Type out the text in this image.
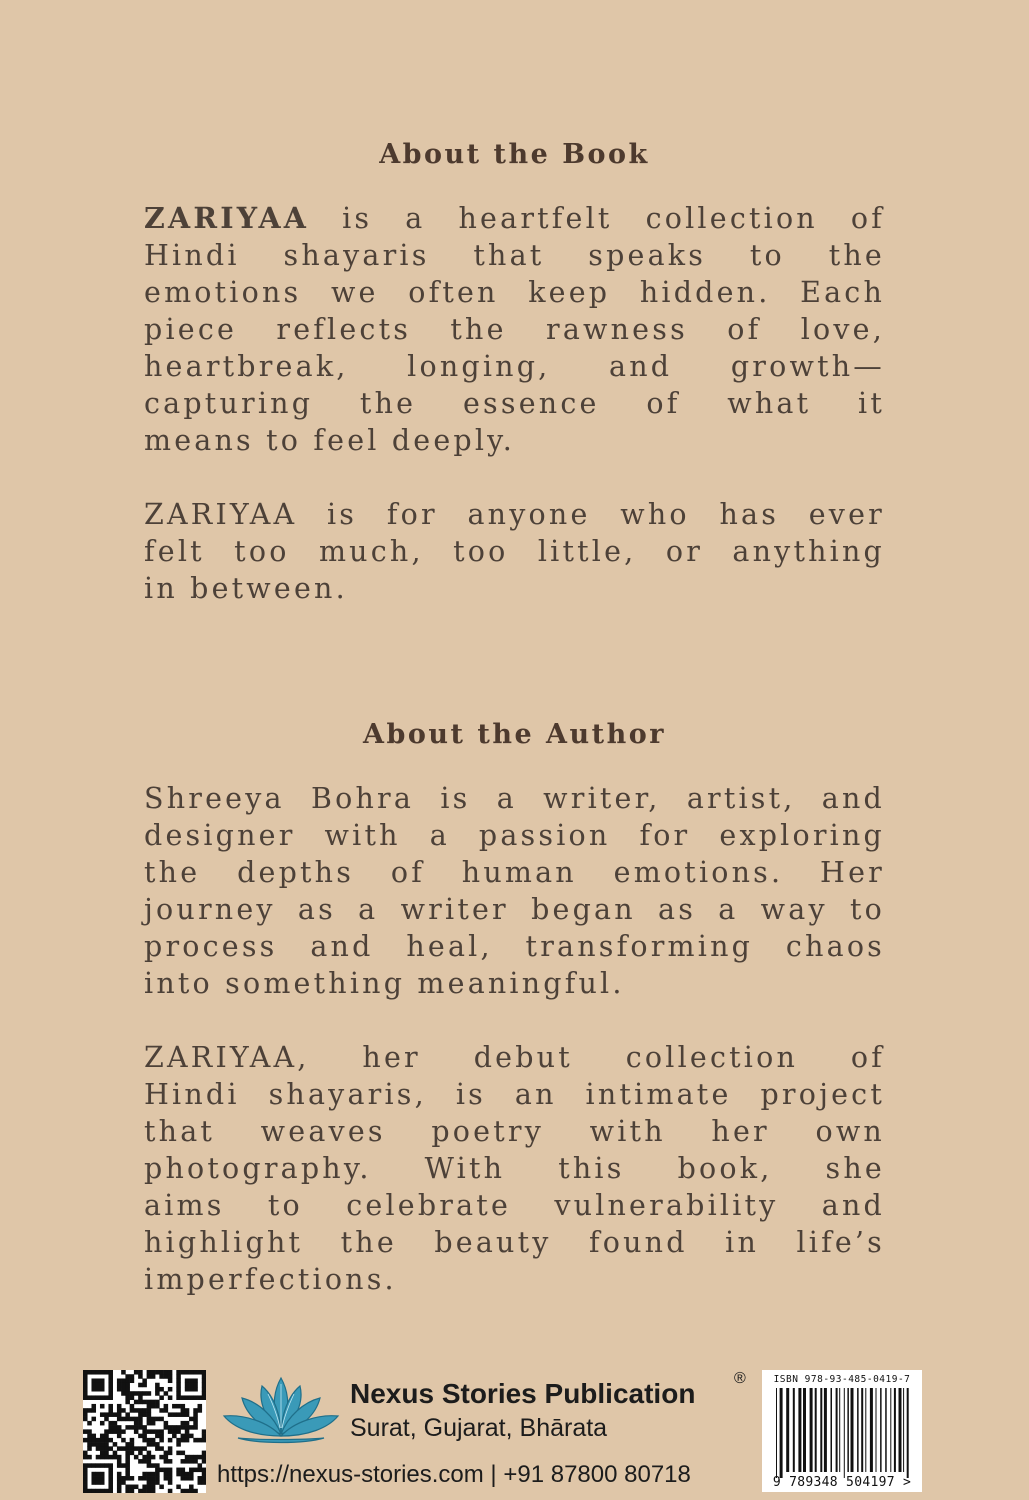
About the Book

ZARIYAA is a heartfelt collection of
Hindi shayaris that speaks to the
emotions we often keep hidden. Each
piece reflects the rawness of love,
heartbreak, longing, and growth—
capturing the essence of what it
means to feel deeply.

ZARIYAA is for anyone who has ever
felt too much, too little, or anything
in between.

About the Author

Shreeya Bohra is a writer, artist, and
designer with a passion for exploring
the depths of human emotions. Her
journey as a writer began as a way to
process and heal, transforming chaos
into something meaningful.

ZARIYAA, her debut collection of
Hindi shayaris, is an intimate project
that weaves poetry with her own
photography. With this book, she
aims to celebrate vulnerability and
highlight the beauty found in life’s
imperfections.

Nexus Stories Publication ®
Surat, Gujarat, Bhārata
https://nexus-stories.com | +91 87800 80718
ISBN 978-93-485-0419-7
9 789348 504197 >
